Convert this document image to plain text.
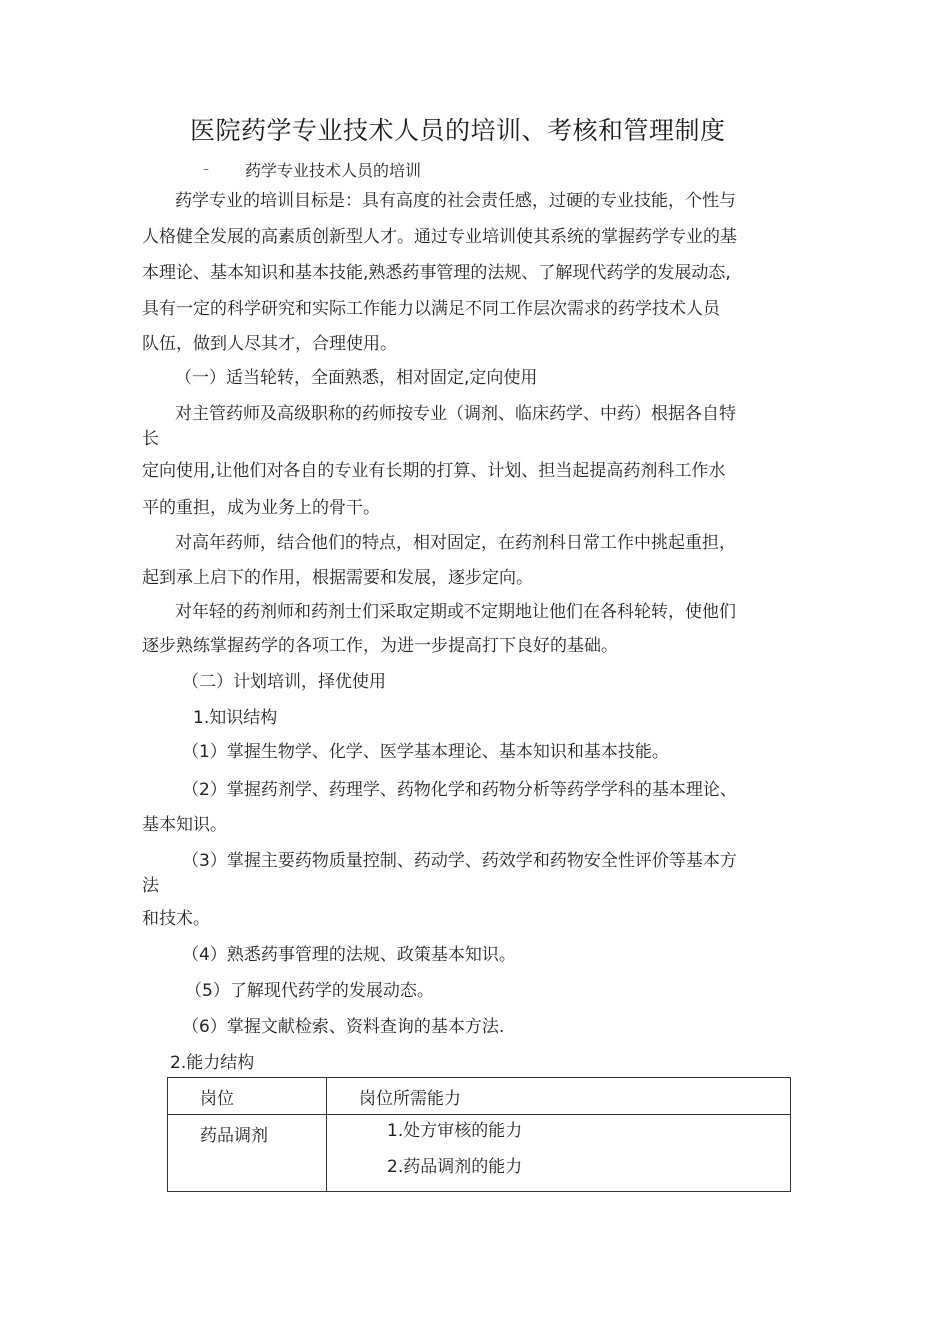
医院药学专业技术人员的培训、考核和管理制度
– 药学专业技术人员的培训
药学专业的培训目标是：具有高度的社会责任感，过硬的专业技能，个性与
人格健全发展的高素质创新型人才。通过专业培训使其系统的掌握药学专业的基
本理论、基本知识和基本技能,熟悉药事管理的法规、了解现代药学的发展动态,
具有一定的科学研究和实际工作能力以满足不同工作层次需求的药学技术人员
队伍，做到人尽其才，合理使用。
（一）适当轮转，全面熟悉，相对固定,定向使用
对主管药师及高级职称的药师按专业（调剂、临床药学、中药）根据各自特
长
定向使用,让他们对各自的专业有长期的打算、计划、担当起提高药剂科工作水
平的重担，成为业务上的骨干。
对高年药师，结合他们的特点，相对固定，在药剂科日常工作中挑起重担，
起到承上启下的作用，根据需要和发展，逐步定向。
对年轻的药剂师和药剂士们采取定期或不定期地让他们在各科轮转，使他们
逐步熟练掌握药学的各项工作，为进一步提高打下良好的基础。
（二）计划培训，择优使用
1.知识结构
（1）掌握生物学、化学、医学基本理论、基本知识和基本技能。
（2）掌握药剂学、药理学、药物化学和药物分析等药学学科的基本理论、
基本知识。
（3）掌握主要药物质量控制、药动学、药效学和药物安全性评价等基本方
法
和技术。
（4）熟悉药事管理的法规、政策基本知识。
（5）了解现代药学的发展动态。
（6）掌握文献检索、资料查询的基本方法.
2.能力结构
岗位	岗位所需能力
药品调剂	1.处方审核的能力
2.药品调剂的能力
